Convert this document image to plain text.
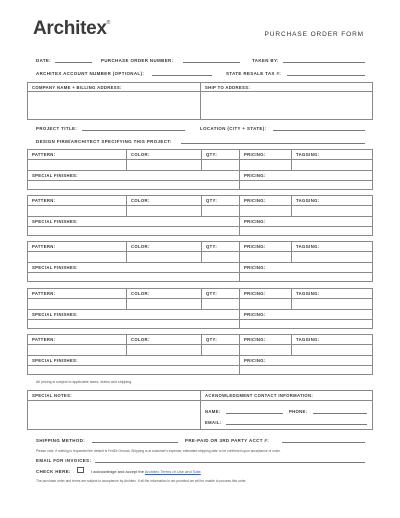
Architex®
PURCHASE ORDER FORM
DATE:	PURCHASE ORDER NUMBER:	TAKEN BY:
ARCHITEX ACCOUNT NUMBER (OPTIONAL):	STATE RESALE TAX #:
COMPANY NAME + BILLING ADDRESS:	SHIP TO ADDRESS:
PROJECT TITLE:	LOCATION (CITY + STATE):
DESIGN FIRM/ARCHITECT SPECIFYING THIS PROJECT:
PATTERN:	COLOR:	QTY:	PRICING:	TAGGING:
SPECIAL FINISHES:	PRICING:
PATTERN:	COLOR:	QTY:	PRICING:	TAGGING:
SPECIAL FINISHES:	PRICING:
PATTERN:	COLOR:	QTY:	PRICING:	TAGGING:
SPECIAL FINISHES:	PRICING:
PATTERN:	COLOR:	QTY:	PRICING:	TAGGING:
SPECIAL FINISHES:	PRICING:
PATTERN:	COLOR:	QTY:	PRICING:	TAGGING:
SPECIAL FINISHES:	PRICING:
All pricing is subject to applicable taxes, duties and shipping.
SPECIAL NOTES:	ACKNOWLEDGMENT CONTACT INFORMATION:
NAME:	PHONE:
EMAIL:
SHIPPING METHOD:	PRE-PAID OR 3RD PARTY ACCT #:
Please note, if nothing is requested the default is FedEx Ground. Shipping is at customer's expense; estimated shipping date to be confirmed upon acceptance of order.
EMAIL FOR INVOICES:
CHECK HERE:	I acknowledge and accept the Architex Terms of Use and Sale.
The purchase order and terms are subject to acceptance by Architex. If all the information is not provided we will be unable to process this order.
